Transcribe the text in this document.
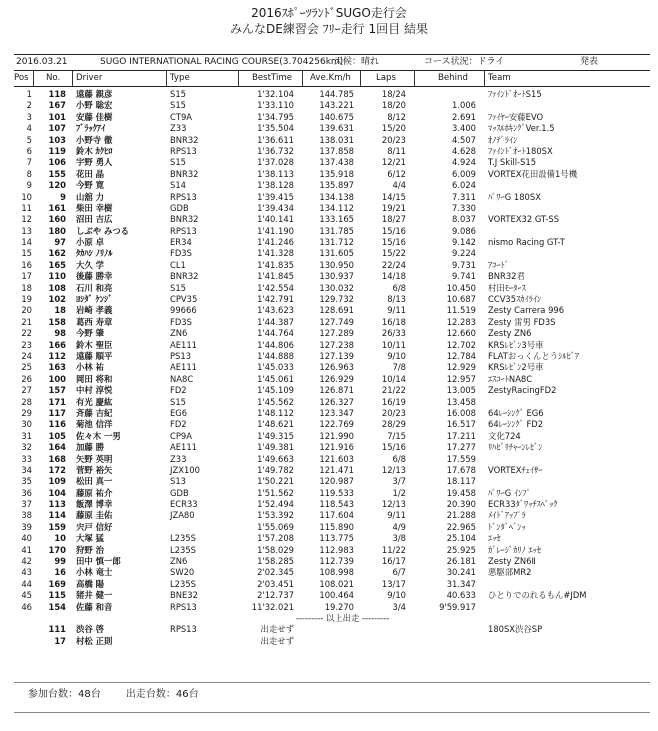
2016ｽﾎﾟｰﾂﾗﾝﾄﾞSUGO走行会
みんなDE練習会 ﾌﾘｰ走行 1回目 結果
2016.03.21	SUGO INTERNATIONAL RACING COURSE(3.704256km)
天候：晴れ	コース状況：ドライ	発表
Pos	No. Driver	Type	BestTime Ave.Km/h	Laps	Behind Team
1	118 遠藤 親彦	S15	1'32.104	144.785	18/24	ﾌｧｲﾝﾄﾞｵｰﾄS15
2	167 小野 聡宏	S15	1'33.110	143.221	18/20	1.006
3	101 安藤 佳樹	CT9A	1'34.795	140.675	8/12	2.691 ﾌｧｲﾔｰ安藤EVO
4	107 ﾌﾞﾗｯｸｱｲ	Z33	1'35.504	139.631	15/20	3.400 ﾏｯｽﾙﾎｷﾝｸﾞVer.1.5
5	103 小野寺 徹	BNR32	1'36.611	138.031	20/23	4.507 ｵﾉﾃﾞﾗｲﾝ
6	119 鈴木 ｶｸﾋﾛ	RPS13	1'36.732	137.858	8/11	4.628 ﾌｧｲﾝﾄﾞｵｰﾄ180SX
7	106 宇野 勇人	S15	1'37.028	137.438	12/21	4.924 T.J Skill-S15
8	155 花田 晶	BNR32	1'38.113	135.918	6/12	6.009 VORTEX花田設備1号機
9	120 今野 寛	S14	1'38.128	135.897	4/4	6.024
10	9 山舘 力	RPS13	1'39.415	134.138	14/15	7.311 ﾊﾟﾜｰG 180SX
11	161 柴田 幸樹	GDB	1'39.434	134.112	19/21	7.330
12	160 沼田 吉広	BNR32	1'40.141	133.165	18/27	8.037 VORTEX32 GT-SS
13	180 しぶや みつる	RPS13	1'41.190	131.785	15/16	9.086
14	97 小原 卓	ER34	1'41.246	131.712	15/16	9.142 nismo Racing GT-T
15	162 ﾀｶﾊｼ ﾉﾘﾉﾙ	FD3S	1'41.328	131.605	15/22	9.224
16	165 大久 学	CL1	1'41.835	130.950	22/24	9.731 ｱｺｰﾄﾞ
17	110 後藤 勝幸	BNR32	1'41.845	130.937	14/18	9.741 BNR32君
18	108 石川 和亮	S15	1'42.554	130.032	6/8	10.450 村田ﾓｰﾀｰｽ
19	102 ﾖｼﾀﾞ ｹﾝｼﾞ	CPV35	1'42.791	129.732	8/13	10.687 CCV35ｽｶｲﾗｲﾝ
20	18 岩崎 孝義	99666	1'43.623	128.691	9/11	11.519 Zesty Carrera 996
21	158 葛西 寿章	FD3S	1'44.387	127.749	16/18	12.283 Zesty 雷男 FD3S
22	98 今野 肇	ZN6	1'44.764	127.289	26/33	12.660 Zesty ZN6
23	166 鈴木 聖臣	AE111	1'44.806	127.238	10/11	12.702 KRSﾚﾋﾞﾝ3号車
24	112 遠藤 順平	PS13	1'44.888	127.139	9/10	12.784 FLATおっくんとうｼﾙﾋﾞｱ
25	163 小林 祐	AE111	1'45.033	126.963	7/8	12.929 KRSﾚﾋﾞﾝ2号車
26	100 岡田 将和	NA8C	1'45.061	126.929	10/14	12.957 ｴｽｺｰﾄNA8C
27	157 中村 淳悦	FD2	1'45.109	126.871	21/22	13.005 ZestyRacingFD2
28	171 有光 慶紘	S15	1'45.562	126.327	16/19	13.458
29	117 斉藤 吉紀	EG6	1'48.112	123.347	20/23	16.008 64ﾚｰｼﾝｸﾞ EG6
30	116 菊池 信洋	FD2	1'48.621	122.769	28/29	16.517 64ﾚｰｼﾝｸﾞ FD2
31	105 佐々木 一男	CP9A	1'49.315	121.990	7/15	17.211 文化724
32	164 加藤 勝	AE111	1'49.381	121.916	15/16	17.277 ﾘﾊﾋﾞﾘﾁｬｰﾝﾚﾋﾞﾝ
33	168 矢野 英明	Z33	1'49.663	121.603	6/8	17.559
34	172 菅野 裕矢	JZX100	1'49.782	121.471	12/13	17.678 VORTEXﾁｪｲｻｰ
35	109 松田 真一	S13	1'50.221	120.987	3/7	18.117
36	104 藤原 祐介	GDB	1'51.562	119.533	1/2	19.458 ﾊﾟﾜｰG ｲﾝﾌﾟ
37	113 飯澤 博幸	ECR33	1'52.494	118.543	12/13	20.390 ECR33ﾀﾞﾜｯﾁｽﾍﾟｯｸ
38	114 藤原 圭佑	JZA80	1'53.392	117.604	9/11	21.288 ﾒｲﾄﾞｱｯﾌﾟﾗ
39	159 宍戸 信好	1'55.069	115.890	4/9	22.965 ﾄﾞﾝﾀﾞﾍﾞﾝｯ
40	10 大塚 猛	L235S	1'57.208	113.775	3/8	25.104 ｴｯｾ
41	170 狩野 治	L235S	1'58.029	112.983	11/22	25.925 ｶﾞﾚｰｼﾞｶﾘﾉ ｴｯｾ
42	99 田中 慎一郎	ZN6	1'58.285	112.739	16/17	26.181 Zesty ZN6Ⅱ
43	16 小林 竜士	SW20	2'02.345	108.998	6/7	30.241 悪駆部MR2
44	169 高橋 陽	L235S	2'03.451	108.021	13/17	31.347
45	115 猪井 健一	BNE32	2'12.737	100.464	9/10	40.633 ひとりでのれるもん#JDM
46	154 佐藤 和音	RPS13	11'32.021	19.270	3/4	9'59.917
--------- 以上出走 ---------
111 渋谷 啓	RPS13	出走せず	180SX渋谷SP
17 村松 正則	出走せず
参加台数：48台	出走台数：46台
